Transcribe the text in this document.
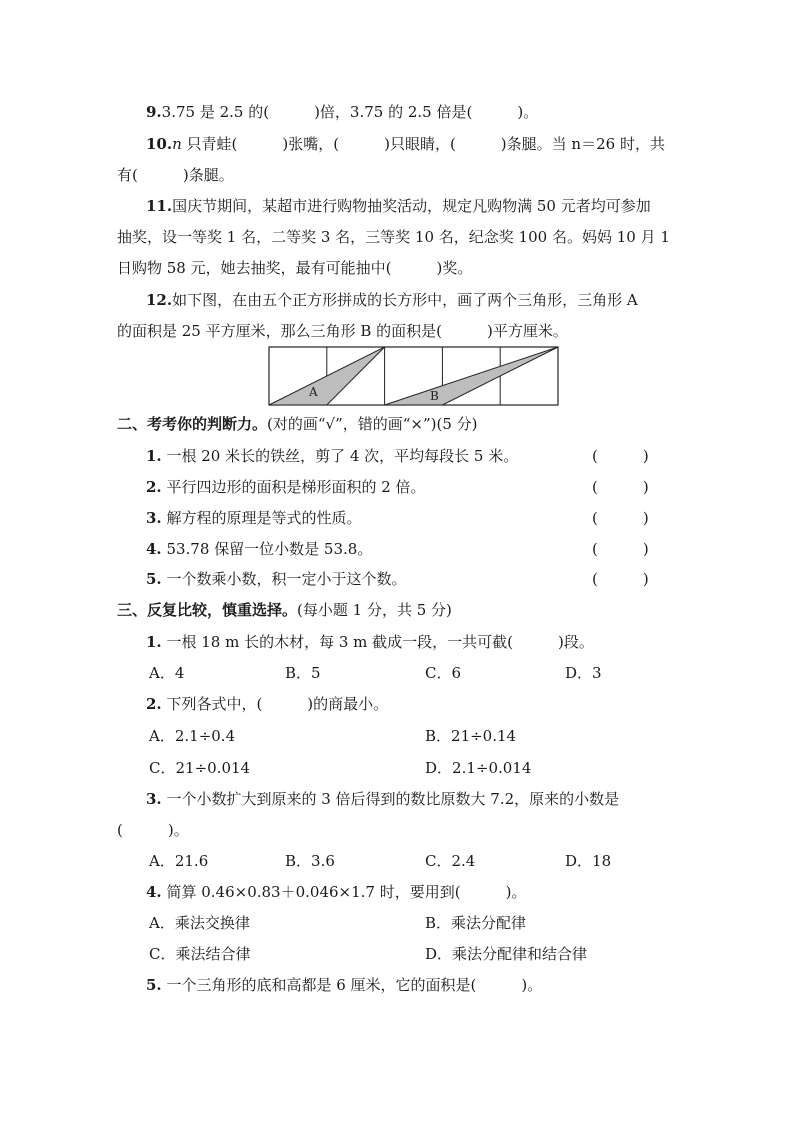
9.3.75 是 2.5 的(　　　)倍，3.75 的 2.5 倍是(　　　)。
10.n 只青蛙(　　　)张嘴，(　　　)只眼睛，(　　　)条腿。当 n＝26 时，共
有(　　　)条腿。
11.国庆节期间，某超市进行购物抽奖活动，规定凡购物满 50 元者均可参加
抽奖，设一等奖 1 名，二等奖 3 名，三等奖 10 名，纪念奖 100 名。妈妈 10 月 1
日购物 58 元，她去抽奖，最有可能抽中(　　　)奖。
12.如下图，在由五个正方形拼成的长方形中，画了两个三角形，三角形 A
的面积是 25 平方厘米，那么三角形 B 的面积是(　　　)平方厘米。
A	B
二、考考你的判断力。(对的画“√”，错的画“×”)(5 分)
1. 一根 20 米长的铁丝，剪了 4 次，平均每段长 5 米。	(　　　)
2. 平行四边形的面积是梯形面积的 2 倍。	(　　　)
3. 解方程的原理是等式的性质。	(　　　)
4. 53.78 保留一位小数是 53.8。	(　　　)
5. 一个数乘小数，积一定小于这个数。	(　　　)
三、反复比较，慎重选择。(每小题 1 分，共 5 分)
1. 一根 18 m 长的木材，每 3 m 截成一段，一共可截(　　　)段。
A．4	B．5	C．6	D．3
2. 下列各式中，(　　　)的商最小。
A．2.1÷0.4	B．21÷0.14
C．21÷0.014	D．2.1÷0.014
3. 一个小数扩大到原来的 3 倍后得到的数比原数大 7.2，原来的小数是
(　　　)。
A．21.6	B．3.6	C．2.4	D．18
4. 简算 0.46×0.83＋0.046×1.7 时，要用到(　　　)。
A．乘法交换律	B．乘法分配律
C．乘法结合律	D．乘法分配律和结合律
5. 一个三角形的底和高都是 6 厘米，它的面积是(　　　)。
